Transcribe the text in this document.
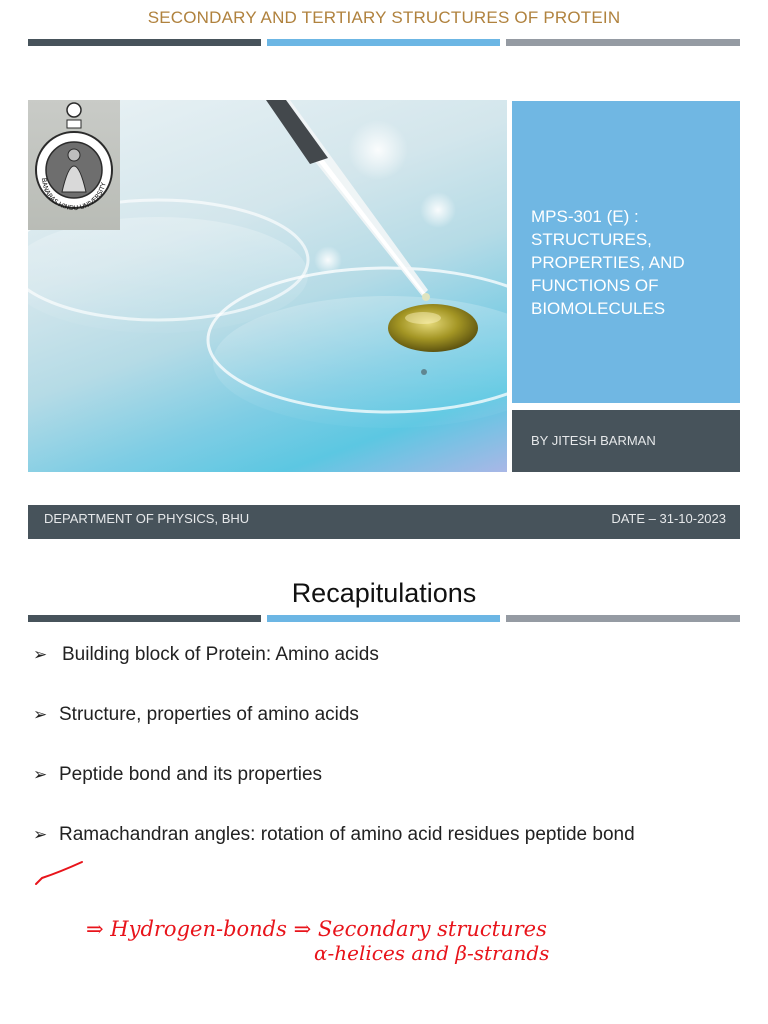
SECONDARY AND TERTIARY STRUCTURES OF PROTEIN
BANARAS HINDU UNIVERSITY
MPS-301 (E) : STRUCTURES, PROPERTIES, AND FUNCTIONS OF BIOMOLECULES
BY JITESH BARMAN
DEPARTMENT OF PHYSICS, BHU	DATE – 31-10-2023
Recapitulations
➢ Building block of Protein: Amino acids
➢ Structure, properties of amino acids
➢ Peptide bond and its properties
➢ Ramachandran angles: rotation of amino acid residues peptide bond
⇒ Hydrogen-bonds ⇒ Secondary structures
α-helices and β-strands
